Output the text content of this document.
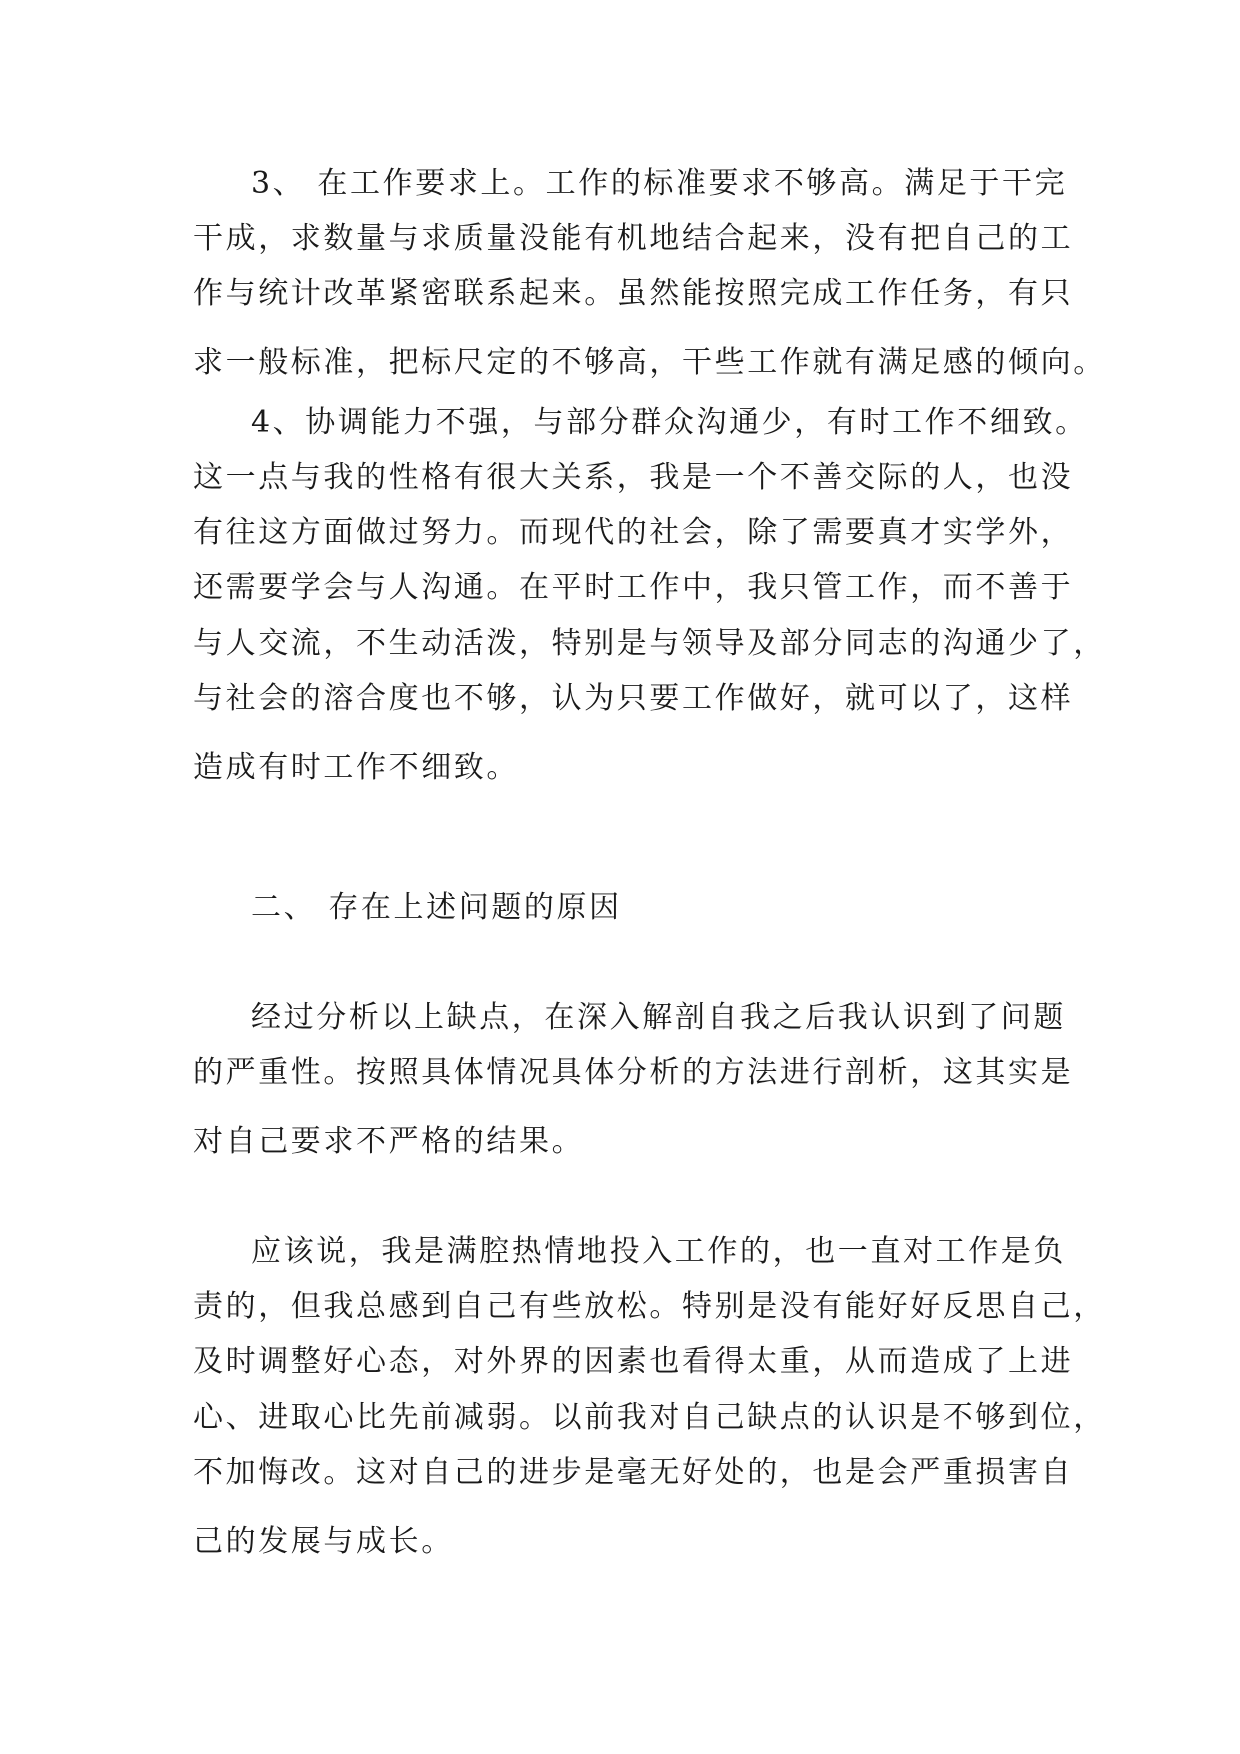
3、 在工作要求上。工作的标准要求不够高。满足于干完

干成，求数量与求质量没能有机地结合起来，没有把自己的工

作与统计改革紧密联系起来。虽然能按照完成工作任务，有只

求一般标准，把标尺定的不够高，干些工作就有满足感的倾向。

4、协调能力不强，与部分群众沟通少，有时工作不细致。

这一点与我的性格有很大关系，我是一个不善交际的人，也没

有往这方面做过努力。而现代的社会，除了需要真才实学外，

还需要学会与人沟通。在平时工作中，我只管工作，而不善于

与人交流，不生动活泼，特别是与领导及部分同志的沟通少了，

与社会的溶合度也不够，认为只要工作做好，就可以了，这样

造成有时工作不细致。

二、 存在上述问题的原因

经过分析以上缺点，在深入解剖自我之后我认识到了问题

的严重性。按照具体情况具体分析的方法进行剖析，这其实是

对自己要求不严格的结果。

应该说，我是满腔热情地投入工作的，也一直对工作是负

责的，但我总感到自己有些放松。特别是没有能好好反思自己，

及时调整好心态，对外界的因素也看得太重，从而造成了上进

心、进取心比先前减弱。以前我对自己缺点的认识是不够到位，

不加悔改。这对自己的进步是毫无好处的，也是会严重损害自

己的发展与成长。
